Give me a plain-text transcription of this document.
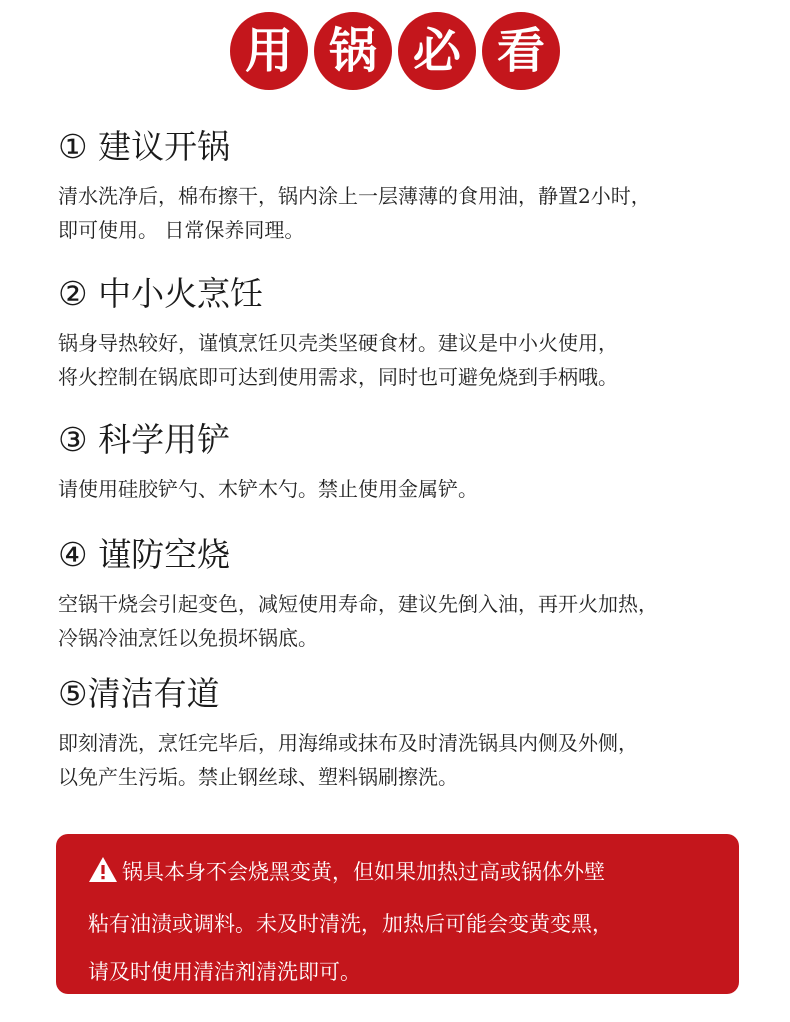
用 锅 必 看
① 建议开锅
清水洗净后，棉布擦干，锅内涂上一层薄薄的食用油，静置2小时，
即可使用。 日常保养同理。
② 中小火烹饪
锅身导热较好，谨慎烹饪贝壳类坚硬食材。建议是中小火使用，
将火控制在锅底即可达到使用需求，同时也可避免烧到手柄哦。
③ 科学用铲
请使用硅胶铲勺、木铲木勺。禁止使用金属铲。
④ 谨防空烧
空锅干烧会引起变色，减短使用寿命，建议先倒入油，再开火加热，
冷锅冷油烹饪以免损坏锅底。
⑤清洁有道
即刻清洗，烹饪完毕后，用海绵或抹布及时清洗锅具内侧及外侧，
以免产生污垢。禁止钢丝球、塑料锅刷擦洗。
锅具本身不会烧黑变黄，但如果加热过高或锅体外壁
粘有油渍或调料。未及时清洗，加热后可能会变黄变黑，
请及时使用清洁剂清洗即可。
